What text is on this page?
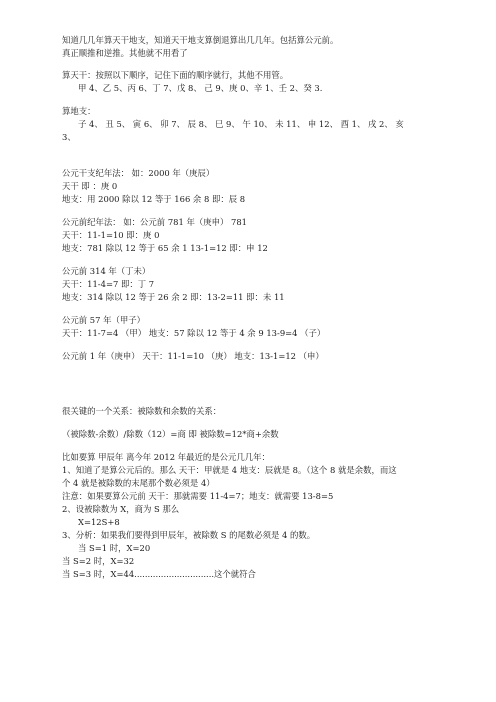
知道几几年算天干地支，知道天干地支算倒退算出几几年。包括算公元前。
真正顺推和逆推。其他就不用看了
算天干：按照以下顺序，记住下面的顺序就行，其他不用管。
甲 4、乙 5、丙 6、丁 7、戊 8、 己 9、庚 0、辛 1、壬 2、癸 3.
算地支：
子 4、 丑 5、 寅 6、 卯 7、 辰 8、 巳 9、 午 10、 未 11、 申 12、 酉 1、 戌 2、 亥
3、
公元干支纪年法： 如：2000 年（庚辰）
天干 即 ：庚 0
地支：用 2000 除以 12 等于 166 余 8 即：辰 8
公元前纪年法： 如：公元前 781 年（庚申） 781
天干：11-1=10 即：庚 0
地支：781 除以 12 等于 65 余 1 13-1=12 即：申 12
公元前 314 年（丁未）
天干：11-4=7 即：丁 7
地支：314 除以 12 等于 26 余 2 即：13-2=11 即：未 11
公元前 57 年（甲子）
天干：11-7=4 （甲） 地支：57 除以 12 等于 4 余 9 13-9=4 （子）
公元前 1 年（庚申） 天干：11-1=10 （庚） 地支：13-1=12 （申）
很关键的一个关系：被除数和余数的关系：
（被除数-余数）/除数（12）=商 即 被除数=12*商+余数
比如要算 甲辰年 离今年 2012 年最近的是公元几几年：
1、知道了是算公元后的。那么 天干：甲就是 4 地支：辰就是 8。（这个 8 就是余数，而这
个 4 就是被除数的末尾那个数必须是 4）
注意：如果要算公元前 天干：那就需要 11-4=7；地支：就需要 13-8=5
2、设被除数为 X，商为 S 那么
X=12S+8
3、分析：如果我们要得到甲辰年，被除数 S 的尾数必须是 4 的数。
当 S=1 时，X=20
当 S=2 时，X=32
当 S=3 时，X=44..............................这个就符合
